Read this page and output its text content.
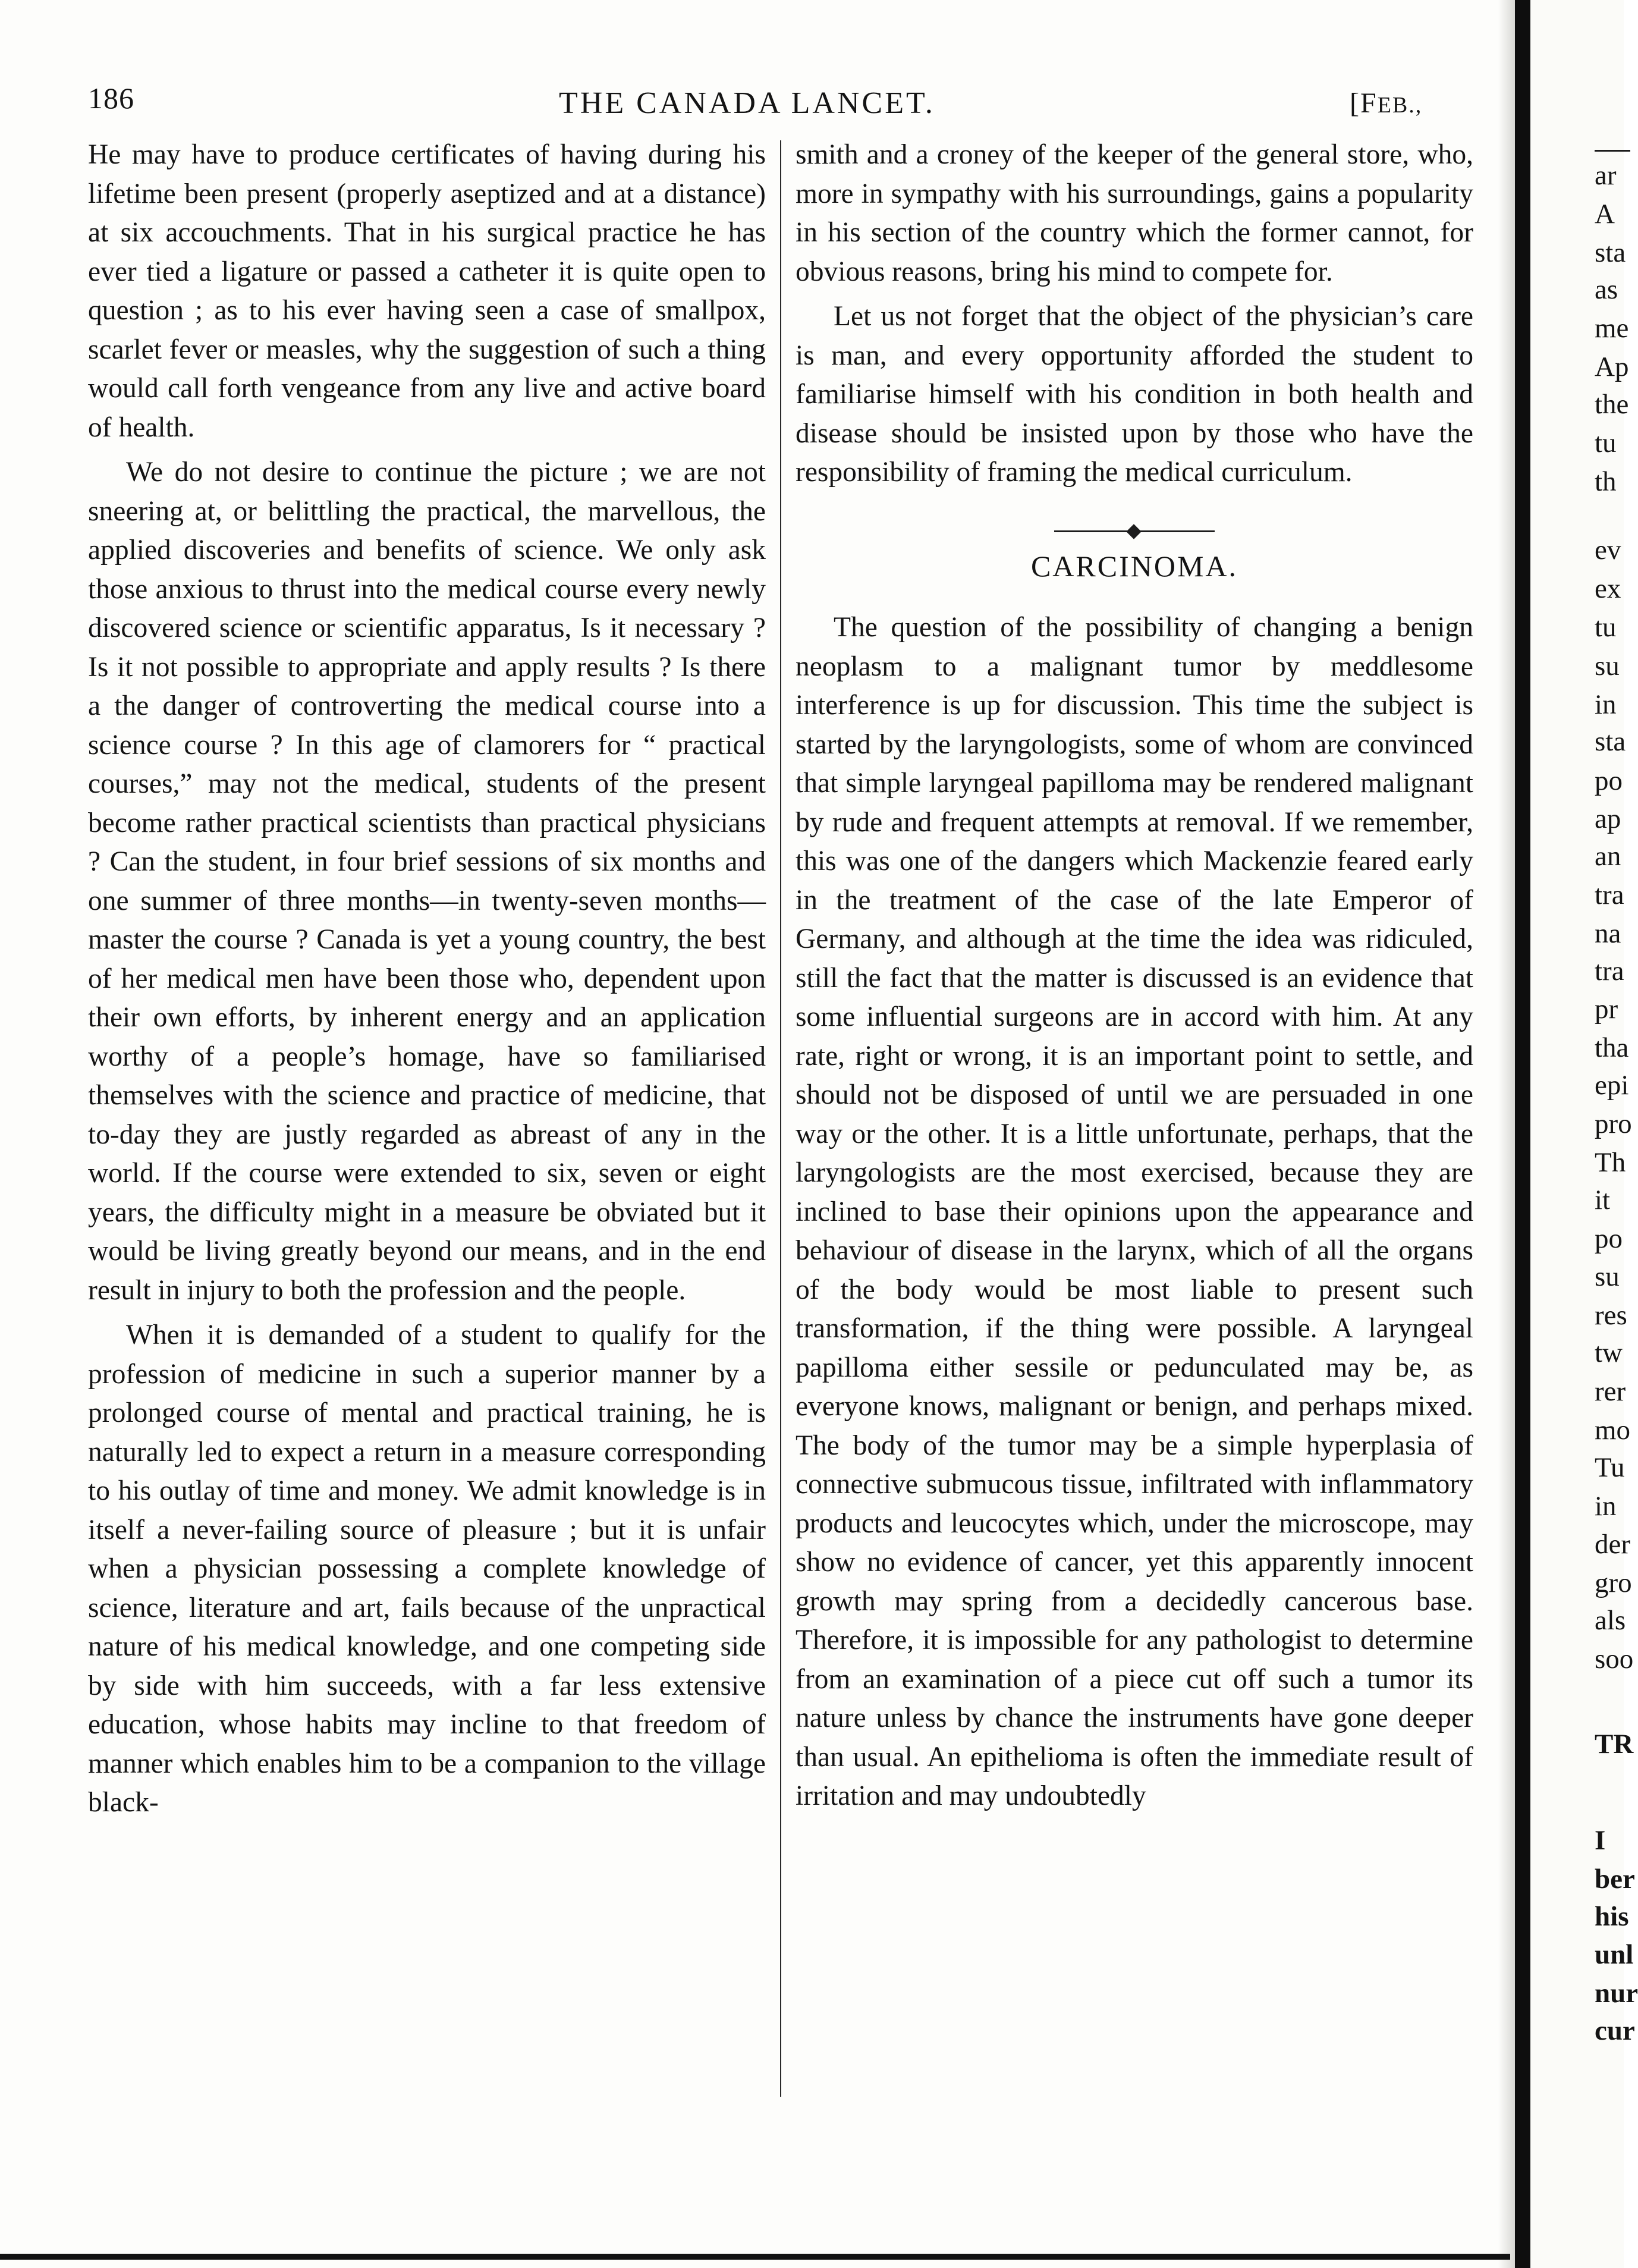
186	THE CANADA LANCET.	[FEB.,

He may have to produce certificates of having during his lifetime been present (properly aseptized and at a distance) at six accouchments. That in his surgical practice he has ever tied a ligature or passed a catheter it is quite open to question ; as to his ever having seen a case of smallpox, scarlet fever or measles, why the suggestion of such a thing would call forth vengeance from any live and active board of health.

We do not desire to continue the picture ; we are not sneering at, or belittling the practical, the marvellous, the applied discoveries and benefits of science. We only ask those anxious to thrust into the medical course every newly discovered science or scientific apparatus, Is it necessary ? Is it not possible to appropriate and apply results ? Is there a the danger of controverting the medical course into a science course ? In this age of clamorers for “ practical courses,” may not the medical, students of the present become rather practical scientists than practical physicians ? Can the student, in four brief sessions of six months and one summer of three months—in twenty-seven months—master the course ? Canada is yet a young country, the best of her medical men have been those who, dependent upon their own efforts, by inherent energy and an application worthy of a people’s homage, have so familiarised themselves with the science and practice of medicine, that to-day they are justly regarded as abreast of any in the world. If the course were extended to six, seven or eight years, the difficulty might in a measure be obviated but it would be living greatly beyond our means, and in the end result in injury to both the profession and the people.

When it is demanded of a student to qualify for the profession of medicine in such a superior manner by a prolonged course of mental and practical training, he is naturally led to expect a return in a measure corresponding to his outlay of time and money. We admit knowledge is in itself a never-failing source of pleasure ; but it is unfair when a physician possessing a complete knowledge of science, literature and art, fails because of the unpractical nature of his medical knowledge, and one competing side by side with him succeeds, with a far less extensive education, whose habits may incline to that freedom of manner which enables him to be a companion to the village black-

smith and a croney of the keeper of the general store, who, more in sympathy with his surroundings, gains a popularity in his section of the country which the former cannot, for obvious reasons, bring his mind to compete for.

Let us not forget that the object of the physician’s care is man, and every opportunity afforded the student to familiarise himself with his condition in both health and disease should be insisted upon by those who have the responsibility of framing the medical curriculum.

CARCINOMA.

The question of the possibility of changing a benign neoplasm to a malignant tumor by meddlesome interference is up for discussion. This time the subject is started by the laryngologists, some of whom are convinced that simple laryngeal papilloma may be rendered malignant by rude and frequent attempts at removal. If we remember, this was one of the dangers which Mackenzie feared early in the treatment of the case of the late Emperor of Germany, and although at the time the idea was ridiculed, still the fact that the matter is discussed is an evidence that some influential surgeons are in accord with him. At any rate, right or wrong, it is an important point to settle, and should not be disposed of until we are persuaded in one way or the other. It is a little unfortunate, perhaps, that the laryngologists are the most exercised, because they are inclined to base their opinions upon the appearance and behaviour of disease in the larynx, which of all the organs of the body would be most liable to present such transformation, if the thing were possible. A laryngeal papilloma either sessile or pedunculated may be, as everyone knows, malignant or benign, and perhaps mixed. The body of the tumor may be a simple hyperplasia of connective submucous tissue, infiltrated with inflammatory products and leucocytes which, under the microscope, may show no evidence of cancer, yet this apparently innocent growth may spring from a decidedly cancerous base. Therefore, it is impossible for any pathologist to determine from an examination of a piece cut off such a tumor its nature unless by chance the instruments have gone deeper than usual. An epithelioma is often the immediate result of irritation and may undoubtedly

ar
A
sta
as
me
Ap
the
tu
th
ev
ex
tu
su
in
sta
po
ap
an
tra
na
tra
pr
tha
epi
pro
Th
it
po
su
res
tw
rer
mo
Tu
in
der
gro
als
soo
TR
I
ber
his
unl
nur
cur
